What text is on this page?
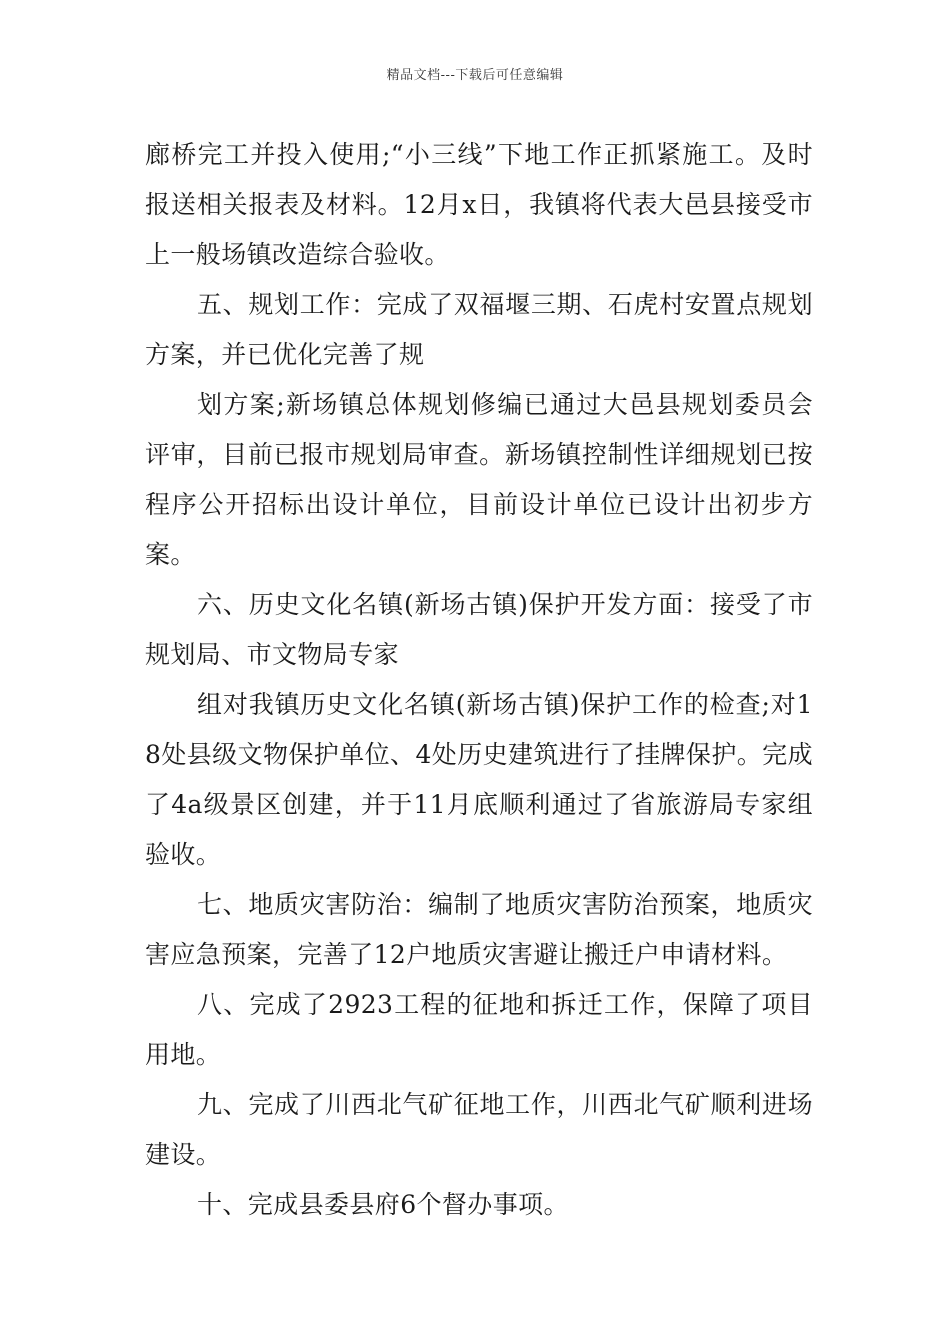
精品文档---下载后可任意编辑

廊桥完工并投入使用;“小三线”下地工作正抓紧施工。及时报送相关报表及材料。12月x日，我镇将代表大邑县接受市上一般场镇改造综合验收。

五、规划工作：完成了双福堰三期、石虎村安置点规划方案，并已优化完善了规

划方案;新场镇总体规划修编已通过大邑县规划委员会评审，目前已报市规划局审查。新场镇控制性详细规划已按程序公开招标出设计单位，目前设计单位已设计出初步方案。

六、历史文化名镇(新场古镇)保护开发方面：接受了市规划局、市文物局专家

组对我镇历史文化名镇(新场古镇)保护工作的检查;对18处县级文物保护单位、4处历史建筑进行了挂牌保护。完成了4a级景区创建，并于11月底顺利通过了省旅游局专家组验收。

七、地质灾害防治：编制了地质灾害防治预案，地质灾害应急预案，完善了12户地质灾害避让搬迁户申请材料。

八、完成了2923工程的征地和拆迁工作，保障了项目用地。

九、完成了川西北气矿征地工作，川西北气矿顺利进场建设。

十、完成县委县府6个督办事项。
